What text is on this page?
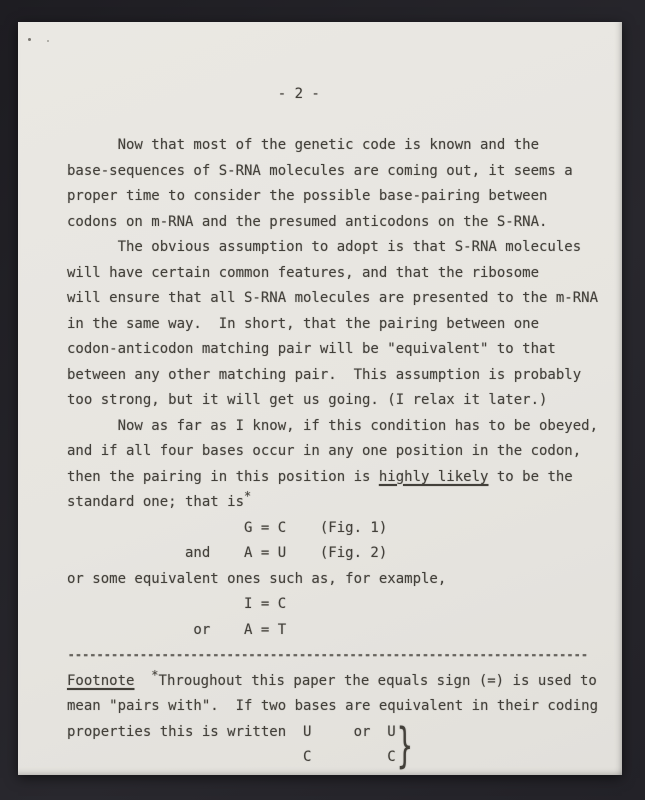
- 2 -
Now that most of the genetic code is known and the
base-sequences of S-RNA molecules are coming out, it seems a
proper time to consider the possible base-pairing between
codons on m-RNA and the presumed anticodons on the S-RNA.
The obvious assumption to adopt is that S-RNA molecules
will have certain common features, and that the ribosome
will ensure that all S-RNA molecules are presented to the m-RNA
in the same way.  In short, that the pairing between one
codon-anticodon matching pair will be "equivalent" to that
between any other matching pair.  This assumption is probably
too strong, but it will get us going. (I relax it later.)
Now as far as I know, if this condition has to be obeyed,
and if all four bases occur in any one position in the codon,
then the pairing in this position is highly likely to be the
standard one; that is*
G = C    (Fig. 1)
and    A = U    (Fig. 2)
or some equivalent ones such as, for example,
I = C
or    A = T
------------------------------------------------------------------------
Footnote *Throughout this paper the equals sign (=) is used to
mean "pairs with".  If two bases are equivalent in their coding
properties this is written  U     or  U
C         C }
